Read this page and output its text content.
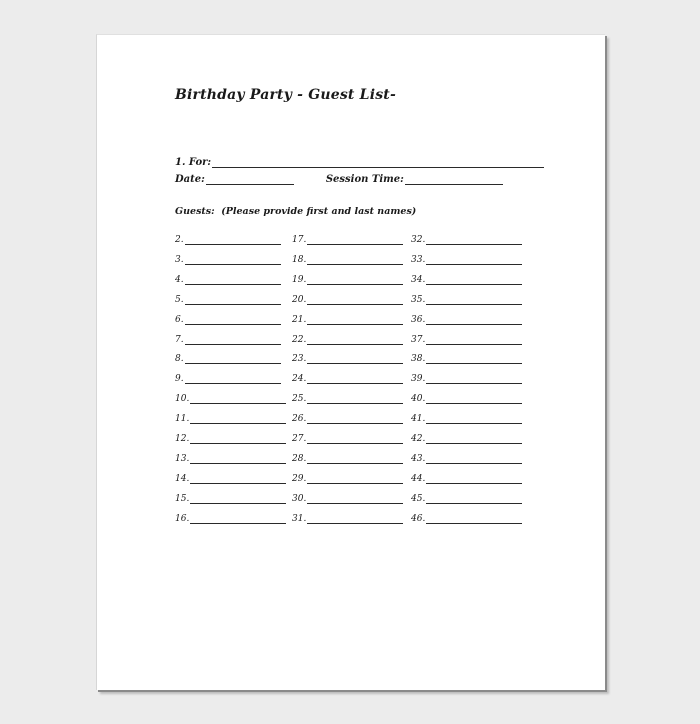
Birthday Party - Guest List-
1. For:
Date:	Session Time:
Guests:  (Please provide first and last names)
2.
3.
4.
5.
6.
7.
8.
9.
10.
11.
12.
13.
14.
15.
16.
17.
18.
19.
20.
21.
22.
23.
24.
25.
26.
27.
28.
29.
30.
31.
32.
33.
34.
35.
36.
37.
38.
39.
40.
41.
42.
43.
44.
45.
46.
